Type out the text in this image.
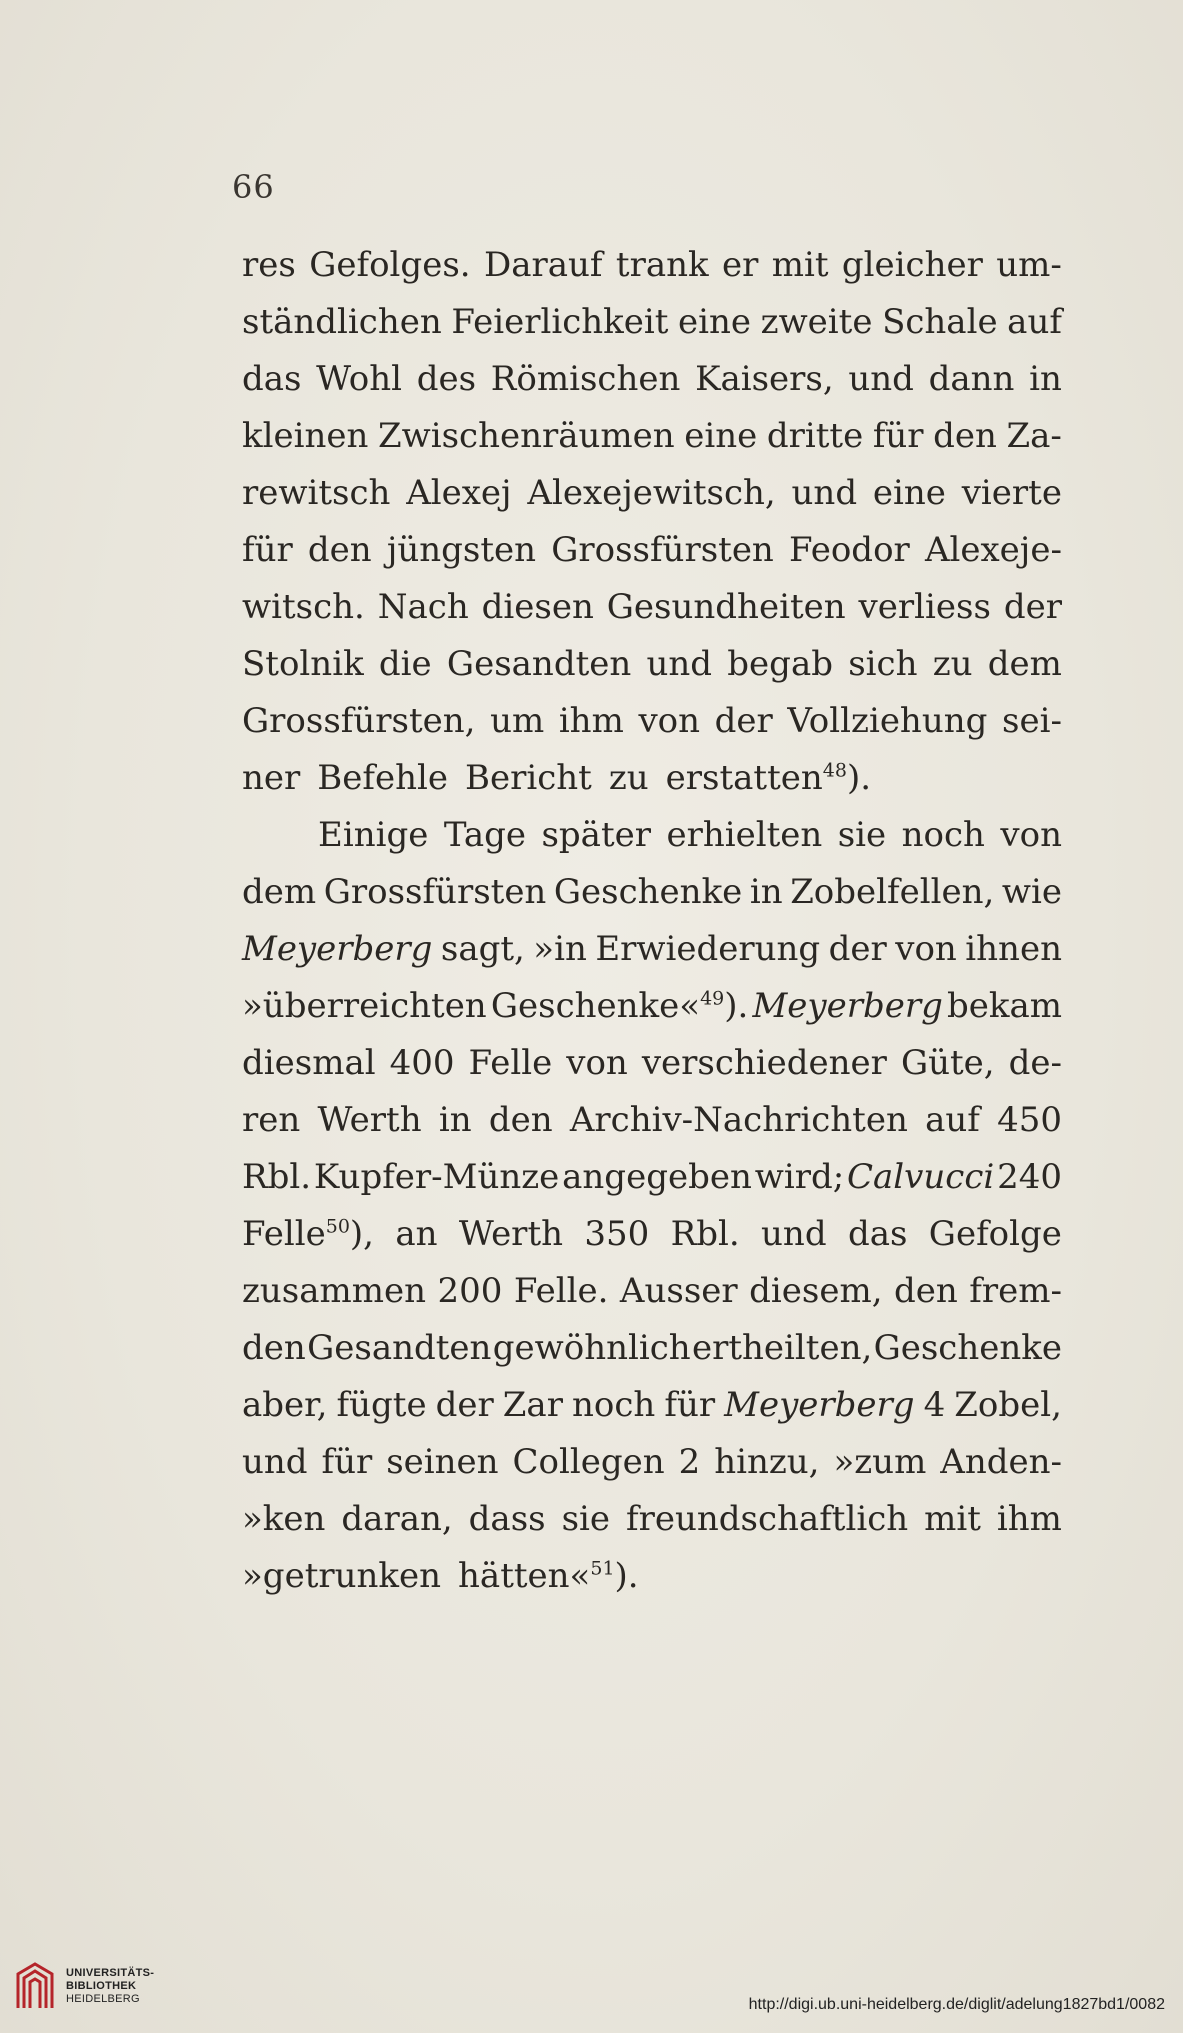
66
res Gefolges. Darauf trank er mit gleicher um-
ständlichen Feierlichkeit eine zweite Schale auf
das Wohl des Römischen Kaisers, und dann in
kleinen Zwischenräumen eine dritte für den Za-
rewitsch Alexej Alexejewitsch, und eine vierte
für den jüngsten Grossfürsten Feodor Alexeje-
witsch. Nach diesen Gesundheiten verliess der
Stolnik die Gesandten und begab sich zu dem
Grossfürsten, um ihm von der Vollziehung sei-
ner Befehle Bericht zu erstatten$^{48}$).
Einige Tage später erhielten sie noch von
dem Grossfürsten Geschenke in Zobelfellen, wie
Meyerberg sagt, »in Erwiederung der von ihnen
»überreichten Geschenke«$^{49}$). Meyerberg bekam
diesmal 400 Felle von verschiedener Güte, de-
ren Werth in den Archiv-Nachrichten auf 450
Rbl. Kupfer-Münze angegeben wird; Calvucci 240
Felle$^{50}$), an Werth 350 Rbl. und das Gefolge
zusammen 200 Felle. Ausser diesem, den frem-
den Gesandten gewöhnlich ertheilten, Geschenke
aber, fügte der Zar noch für Meyerberg 4 Zobel,
und für seinen Collegen 2 hinzu, »zum Anden-
»ken daran, dass sie freundschaftlich mit ihm
»getrunken hätten«$^{51}$).
UNIVERSITÄTS-
BIBLIOTHEK
HEIDELBERG	http://digi.ub.uni-heidelberg.de/diglit/adelung1827bd1/0082
